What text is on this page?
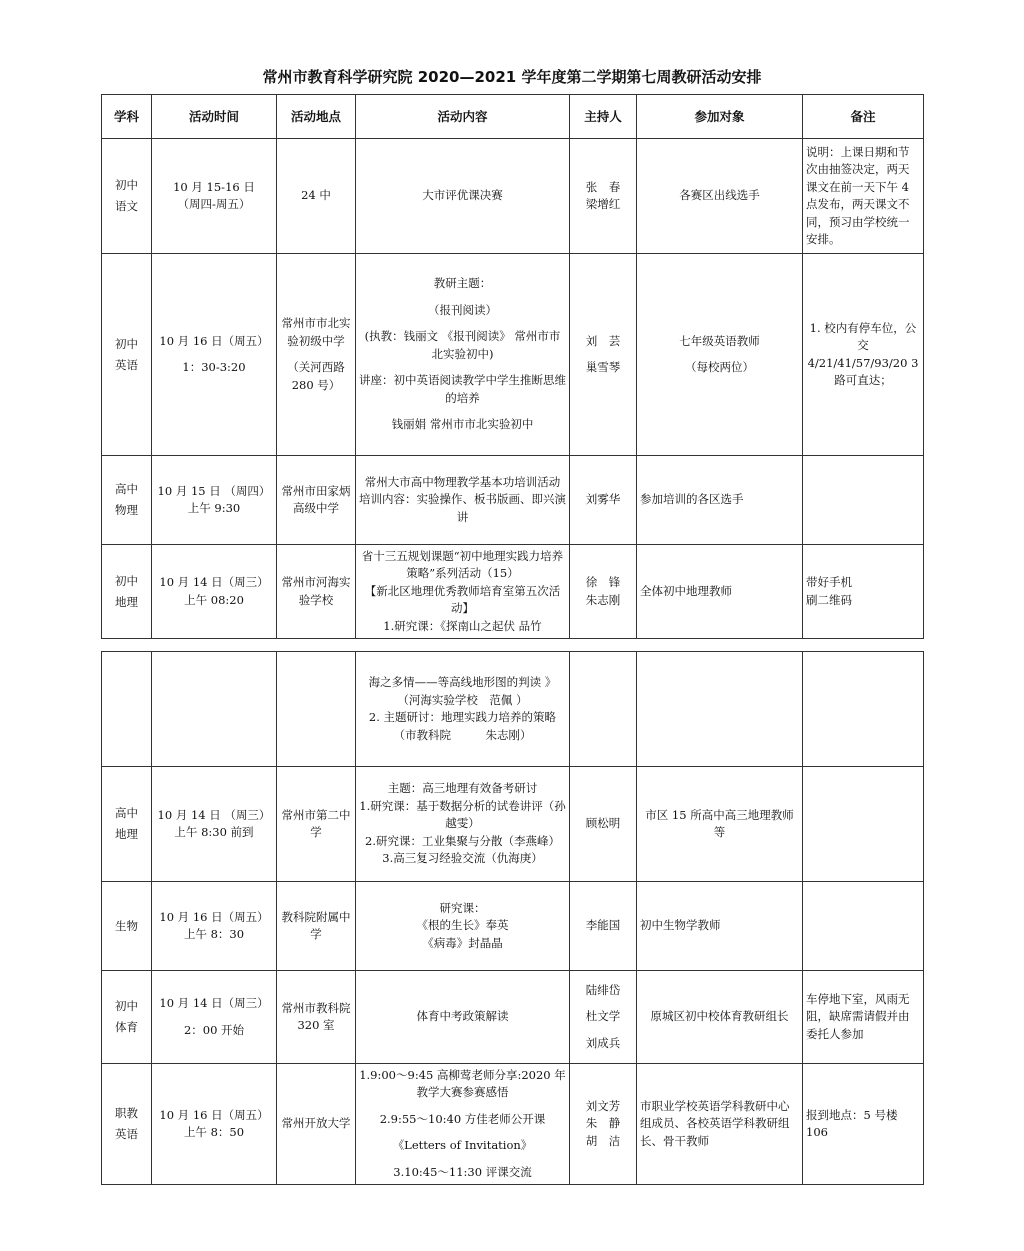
常州市教育科学研究院 2020—2021 学年度第二学期第七周教研活动安排
学科	活动时间	活动地点	活动内容	主持人	参加对象	备注

初中
语文	10 月 15-16 日
（周四-周五）	24 中	大市评优课决赛	张　春
梁增红	各赛区出线选手	说明：上课日期和节次由抽签决定，两天课文在前一天下午 4 点发布，两天课文不同，预习由学校统一安排。

初中
英语	10 月 16 日（周五）
1：30-3:20	常州市市北实验初级中学
（关河西路 280 号）	教研主题：
（报刊阅读）
(执教：钱丽文 《报刊阅读》 常州市市北实验初中)
讲座：初中英语阅读教学中学生推断思维的培养
钱丽娟 常州市市北实验初中	刘　芸
巢雪琴	七年级英语教师
（每校两位）	1. 校内有停车位，公交 4/21/41/57/93/20 3 路可直达；

高中
物理	10 月 15 日 （周四）
上午 9:30	常州市田家炳高级中学	常州大市高中物理教学基本功培训活动
培训内容：实验操作、板书版画、即兴演讲	刘雾华	参加培训的各区选手	

初中
地理	10 月 14 日（周三）
上午 08:20	常州市河海实验学校	省十三五规划课题“初中地理实践力培养策略”系列活动（15）
【新北区地理优秀教师培育室第五次活动】
1.研究课：《探南山之起伏 品竹	徐　锋
朱志刚	全体初中地理教师	带好手机
刷二维码

			海之多情——等高线地形图的判读 》
（河海实验学校　范佩 ）
2. 主题研讨：地理实践力培养的策略
（市教科院　　　朱志刚）			

高中
地理	10 月 14 日 （周三）
上午 8:30 前到	常州市第二中学	主题：高三地理有效备考研讨
1.研究课：基于数据分析的试卷讲评（孙越雯）
2.研究课：工业集聚与分散（李燕峰）
3.高三复习经验交流（仇海庚）	顾松明	市区 15 所高中高三地理教师等	

生物	10 月 16 日（周五）
上午 8：30	教科院附属中学	研究课：
《根的生长》奉英
《病毒》封晶晶	李能国	初中生物学教师	

初中
体育	10 月 14 日（周三）
2：00 开始	常州市教科院 320 室	体育中考政策解读	陆绯岱
杜文学
刘成兵	原城区初中校体育教研组长	车停地下室，风雨无阻，缺席需请假并由委托人参加

职教
英语	10 月 16 日（周五）
上午 8：50	常州开放大学	1.9:00～9:45 高柳莺老师分享:2020 年教学大赛参赛感悟
2.9:55～10:40 方佳老师公开课
《Letters of Invitation》
3.10:45～11:30 评课交流	刘文芳
朱　静
胡　洁	市职业学校英语学科教研中心组成员、各校英语学科教研组长、骨干教师	报到地点：5 号楼 106
